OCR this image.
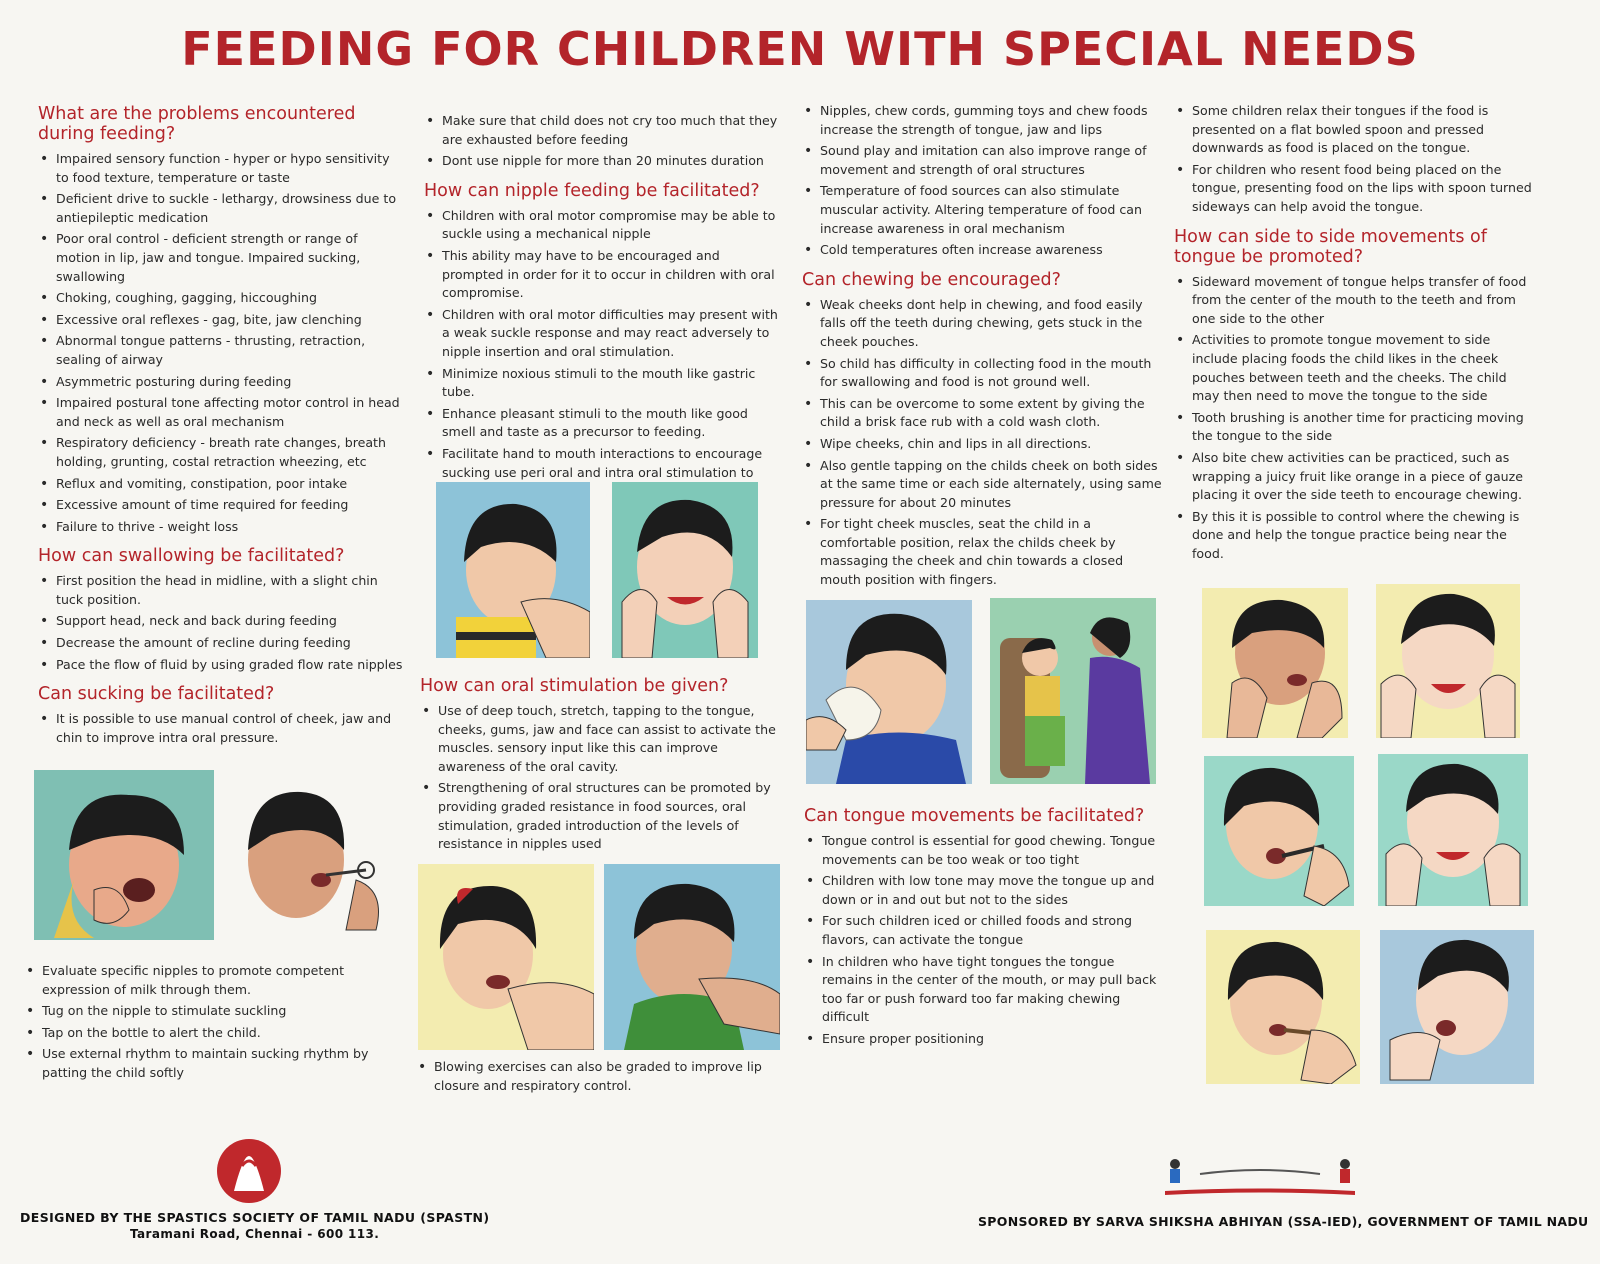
FEEDING FOR CHILDREN WITH SPECIAL NEEDS
What are the problems encountered during feeding?
• Impaired sensory function - hyper or hypo sensitivity to food texture, temperature or taste
• Deficient drive to suckle - lethargy, drowsiness due to antiepileptic medication
• Poor oral control - deficient strength or range of motion in lip, jaw and tongue. Impaired sucking, swallowing
• Choking, coughing, gagging, hiccoughing
• Excessive oral reflexes - gag, bite, jaw clenching
• Abnormal tongue patterns - thrusting, retraction, sealing of airway
• Asymmetric posturing during feeding
• Impaired postural tone affecting motor control in head and neck as well as oral mechanism
• Respiratory deficiency - breath rate changes, breath holding, grunting, costal retraction wheezing, etc
• Reflux and vomiting, constipation, poor intake
• Excessive amount of time required for feeding
• Failure to thrive - weight loss
How can swallowing be facilitated?
• First position the head in midline, with a slight chin tuck position.
• Support head, neck and back during feeding
• Decrease the amount of recline during feeding
• Pace the flow of fluid by using graded flow rate nipples
Can sucking be facilitated?
• It is possible to use manual control of cheek, jaw and chin to improve intra oral pressure.
• Evaluate specific nipples to promote competent expression of milk through them.
• Tug on the nipple to stimulate suckling
• Tap on the bottle to alert the child.
• Use external rhythm to maintain sucking rhythm by patting the child softly
• Make sure that child does not cry too much that they are exhausted before feeding
• Dont use nipple for more than 20 minutes duration
How can nipple feeding be facilitated?
• Children with oral motor compromise may be able to suckle using a mechanical nipple
• This ability may have to be encouraged and prompted in order for it to occur in children with oral compromise.
• Children with oral motor difficulties may present with a weak suckle response and may react adversely to nipple insertion and oral stimulation.
• Minimize noxious stimuli to the mouth like gastric tube.
• Enhance pleasant stimuli to the mouth like good smell and taste as a precursor to feeding.
• Facilitate hand to mouth interactions to encourage sucking use peri oral and intra oral stimulation to
How can oral stimulation be given?
• Use of deep touch, stretch, tapping to the tongue, cheeks, gums, jaw and face can assist to activate the muscles. sensory input like this can improve awareness of the oral cavity.
• Strengthening of oral structures can be promoted by providing graded resistance in food sources, oral stimulation, graded introduction of the levels of resistance in nipples used
• Blowing exercises can also be graded to improve lip closure and respiratory control.
• Nipples, chew cords, gumming toys and chew foods increase the strength of tongue, jaw and lips
• Sound play and imitation can also improve range of movement and strength of oral structures
• Temperature of food sources can also stimulate muscular activity. Altering temperature of food can increase awareness in oral mechanism
• Cold temperatures often increase awareness
Can chewing be encouraged?
• Weak cheeks dont help in chewing, and food easily falls off the teeth during chewing, gets stuck in the cheek pouches.
• So child has difficulty in collecting food in the mouth for swallowing and food is not ground well.
• This can be overcome to some extent by giving the child a brisk face rub with a cold wash cloth.
• Wipe cheeks, chin and lips in all directions.
• Also gentle tapping on the childs cheek on both sides at the same time or each side alternately, using same pressure for about 20 minutes
• For tight cheek muscles, seat the child in a comfortable position, relax the childs cheek by massaging the cheek and chin towards a closed mouth position with fingers.
Can tongue movements be facilitated?
• Tongue control is essential for good chewing. Tongue movements can be too weak or too tight
• Children with low tone may move the tongue up and down or in and out but not to the sides
• For such children iced or chilled foods and strong flavors, can activate the tongue
• In children who have tight tongues the tongue remains in the center of the mouth, or may pull back too far or push forward too far making chewing difficult
• Ensure proper positioning
• Some children relax their tongues if the food is presented on a flat bowled spoon and pressed downwards as food is placed on the tongue.
• For children who resent food being placed on the tongue, presenting food on the lips with spoon turned sideways can help avoid the tongue.
How can side to side movements of tongue be promoted?
• Sideward movement of tongue helps transfer of food from the center of the mouth to the teeth and from one side to the other
• Activities to promote tongue movement to side include placing foods the child likes in the cheek pouches between teeth and the cheeks. The child may then need to move the tongue to the side
• Tooth brushing is another time for practicing moving the tongue to the side
• Also bite chew activities can be practiced, such as wrapping a juicy fruit like orange in a piece of gauze placing it over the side teeth to encourage chewing.
• By this it is possible to control where the chewing is done and help the tongue practice being near the food.
DESIGNED BY THE SPASTICS SOCIETY OF TAMIL NADU (SPASTN)
Taramani Road, Chennai - 600 113.
SPONSORED BY SARVA SHIKSHA ABHIYAN (SSA-IED), GOVERNMENT OF TAMIL NADU
